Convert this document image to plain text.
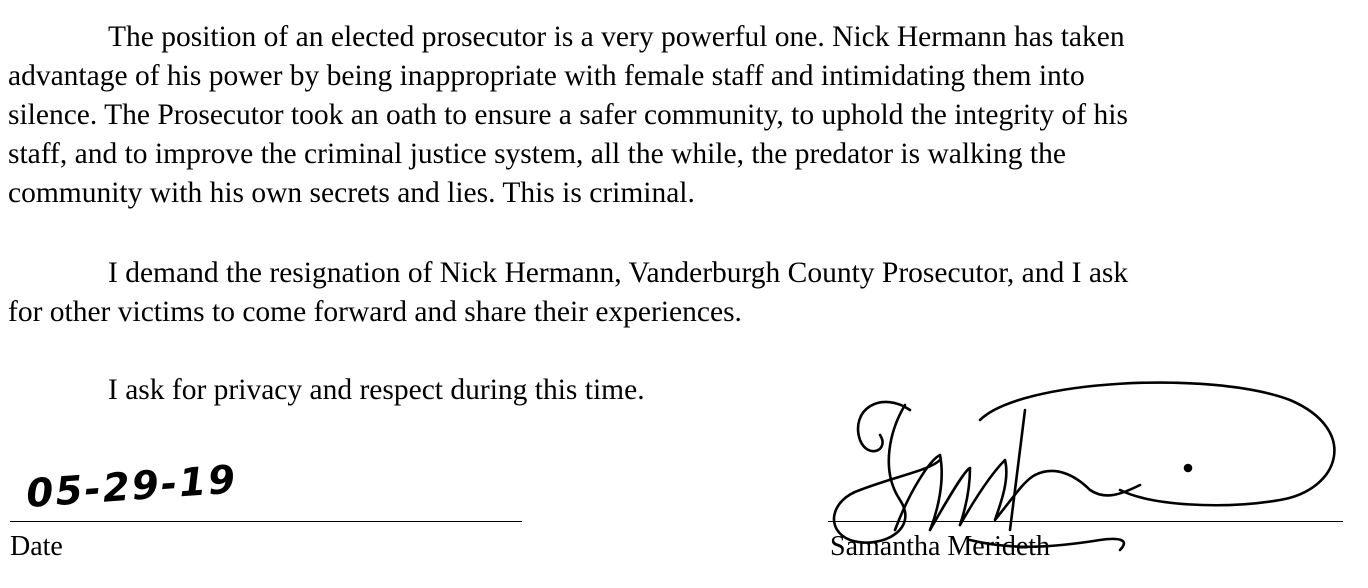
The position of an elected prosecutor is a very powerful one. Nick Hermann has taken
advantage of his power by being inappropriate with female staff and intimidating them into
silence. The Prosecutor took an oath to ensure a safer community, to uphold the integrity of his
staff, and to improve the criminal justice system, all the while, the predator is walking the
community with his own secrets and lies. This is criminal.

I demand the resignation of Nick Hermann, Vanderburgh County Prosecutor, and I ask
for other victims to come forward and share their experiences.

I ask for privacy and respect during this time.

05-29-19
Date	Samantha Merideth
